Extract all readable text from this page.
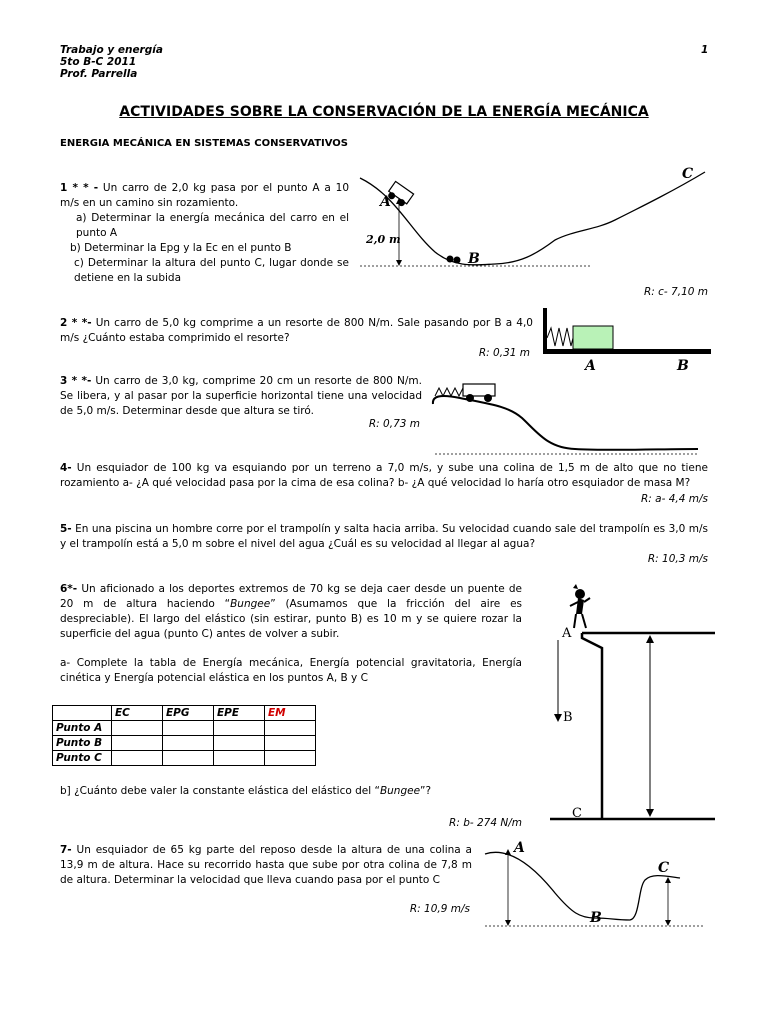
Trabajo y energía
5to B-C 2011
Prof. Parrella
1
ACTIVIDADES SOBRE LA CONSERVACIÓN DE LA ENERGÍA MECÁNICA
ENERGIA MECÁNICA EN SISTEMAS CONSERVATIVOS
1 * * - Un carro de 2,0 kg pasa por el punto A a 10 m/s en un camino sin rozamiento.
a) Determinar la energía mecánica del carro en el punto A
b) Determinar la Epg y la Ec en el punto B
c) Determinar la altura del punto C, lugar donde se detiene en la subida
R: c- 7,10 m
A
B
C
2,0 m
2 * *- Un carro de 5,0 kg comprime a un resorte de 800 N/m. Sale pasando por B a 4,0 m/s ¿Cuánto estaba comprimido el resorte?
R: 0,31 m
A	B
3 * *- Un carro de 3,0 kg, comprime 20 cm un resorte de 800 N/m. Se libera, y al pasar por la superficie horizontal tiene una velocidad de 5,0 m/s. Determinar desde que altura se tiró.
R: 0,73 m
4- Un esquiador de 100 kg va esquiando por un terreno a 7,0 m/s, y sube una colina de 1,5 m de alto que no tiene rozamiento a- ¿A qué velocidad pasa por la cima de esa colina? b- ¿A qué velocidad lo haría otro esquiador de masa M?
R: a- 4,4 m/s
5- En una piscina un hombre corre por el trampolín y salta hacia arriba. Su velocidad cuando sale del trampolín es 3,0 m/s y el trampolín está a 5,0 m sobre el nivel del agua ¿Cuál es su velocidad al llegar al agua?
R: 10,3 m/s
6*- Un aficionado a los deportes extremos de 70 kg se deja caer desde un puente de 20 m de altura haciendo “Bungee” (Asumamos que la fricción del aire es despreciable). El largo del elástico (sin estirar, punto B) es 10 m y se quiere rozar la superficie del agua (punto C) antes de volver a subir.
a- Complete la tabla de Energía mecánica, Energía potencial gravitatoria, Energía cinética y Energía potencial elástica en los puntos A, B y C
	EC	EPG	EPE	EM
Punto A				
Punto B				
Punto C				
b] ¿Cuánto debe valer la constante elástica del elástico del “Bungee”?
R: b- 274 N/m
A
B
C
7- Un esquiador de 65 kg parte del reposo desde la altura de una colina a 13,9 m de altura. Hace su recorrido hasta que sube por otra colina de 7,8 m de altura. Determinar la velocidad que lleva cuando pasa por el punto C
R: 10,9 m/s
A
B
C
